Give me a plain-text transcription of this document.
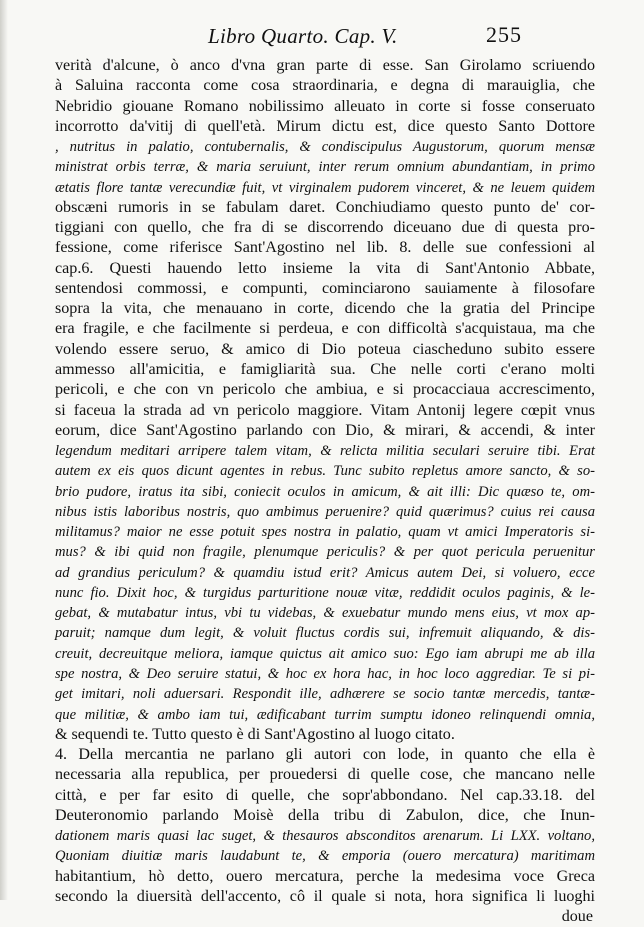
Libro Quarto. Cap. V.	255
verità d'alcune, ò anco d'vna gran parte di esse. San Girolamo scriuendo
à Saluina racconta come cosa straordinaria, e degna di marauiglia, che
Nebridio giouane Romano nobilissimo alleuato in corte si fosse conseruato
incorrotto da'vitij di quell'età. Mirum dictu est, dice questo Santo Dottore
, nutritus in palatio, contubernalis, & condiscipulus Augustorum, quorum mensæ
ministrat orbis terræ, & maria seruiunt, inter rerum omnium abundantiam, in primo
ætatis flore tantæ verecundiæ fuit, vt virginalem pudorem vinceret, & ne leuem quidem
obscæni rumoris in se fabulam daret. Conchiudiamo questo punto de' cor-
tiggiani con quello, che fra di se discorrendo diceuano due di questa pro-
fessione, come riferisce Sant'Agostino nel lib. 8. delle sue confessioni al
cap.6. Questi hauendo letto insieme la vita di Sant'Antonio Abbate,
sentendosi commossi, e compunti, cominciarono sauiamente à filosofare
sopra la vita, che menauano in corte, dicendo che la gratia del Principe
era fragile, e che facilmente si perdeua, e con difficoltà s'acquistaua, ma che
volendo essere seruo, & amico di Dio poteua ciascheduno subito essere
ammesso all'amicitia, e famigliarità sua. Che nelle corti c'erano molti
pericoli, e che con vn pericolo che ambiua, e si procacciaua accrescimento,
si faceua la strada ad vn pericolo maggiore. Vitam Antonij legere cœpit vnus
eorum, dice Sant'Agostino parlando con Dio, & mirari, & accendi, & inter
legendum meditari arripere talem vitam, & relicta militia seculari seruire tibi. Erat
autem ex eis quos dicunt agentes in rebus. Tunc subito repletus amore sancto, & so-
brio pudore, iratus ita sibi, coniecit oculos in amicum, & ait illi: Dic quæso te, om-
nibus istis laboribus nostris, quo ambimus peruenire? quid quærimus? cuius rei causa
militamus? maior ne esse potuit spes nostra in palatio, quam vt amici Imperatoris si-
mus? & ibi quid non fragile, plenumque periculis? & per quot pericula peruenitur
ad grandius periculum? & quamdiu istud erit? Amicus autem Dei, si voluero, ecce
nunc fio. Dixit hoc, & turgidus parturitione nouæ vitæ, reddidit oculos paginis, & le-
gebat, & mutabatur intus, vbi tu videbas, & exuebatur mundo mens eius, vt mox ap-
paruit; namque dum legit, & voluit fluctus cordis sui, infremuit aliquando, & dis-
creuit, decreuitque meliora, iamque quictus ait amico suo: Ego iam abrupi me ab illa
spe nostra, & Deo seruire statui, & hoc ex hora hac, in hoc loco aggrediar. Te si pi-
get imitari, noli aduersari. Respondit ille, adhærere se socio tantæ mercedis, tantæ-
que militiæ, & ambo iam tui, ædificabant turrim sumptu idoneo relinquendi omnia,
& sequendi te. Tutto questo è di Sant'Agostino al luogo citato.
4. Della mercantia ne parlano gli autori con lode, in quanto che ella è
necessaria alla republica, per prouedersi di quelle cose, che mancano nelle
città, e per far esito di quelle, che sopr'abbondano. Nel cap.33.18. del
Deuteronomio parlando Moisè della tribu di Zabulon, dice, che Inun-
dationem maris quasi lac suget, & thesauros absconditos arenarum. Li LXX. voltano,
Quoniam diuitiæ maris laudabunt te, & emporia (ouero mercatura) maritimam
habitantium, hò detto, ouero mercatura, perche la medesima voce Greca
secondo la diuersità dell'accento, cô il quale si nota, hora significa li luoghi
doue
